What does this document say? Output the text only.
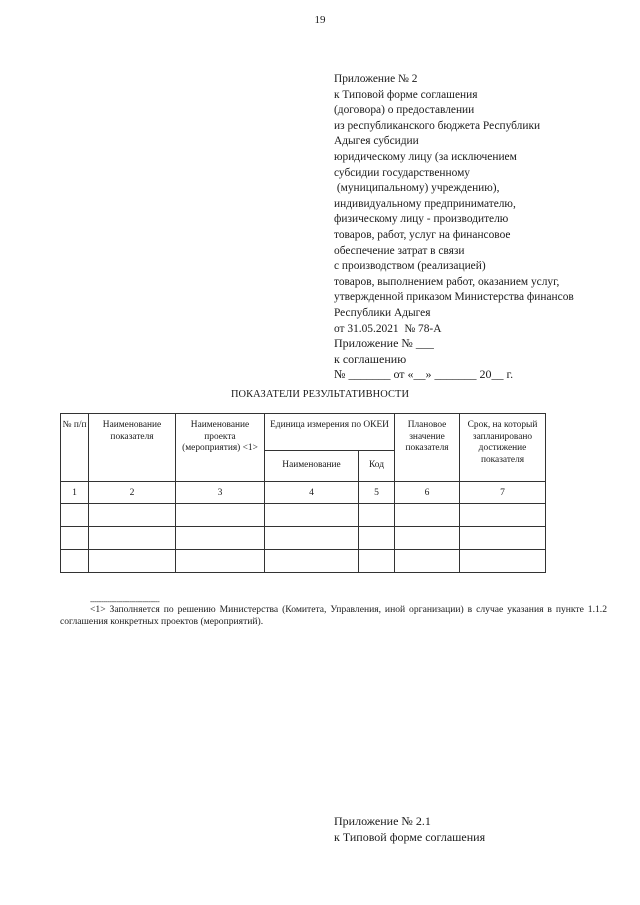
19
Приложение № 2
к Типовой форме соглашения
(договора) о предоставлении
из республиканского бюджета Республики
Адыгея субсидии
юридическому лицу (за исключением
субсидии государственному
(муниципальному) учреждению),
индивидуальному предпринимателю,
физическому лицу - производителю
товаров, работ, услуг на финансовое
обеспечение затрат в связи
с производством (реализацией)
товаров, выполнением работ, оказанием услуг,
утвержденной приказом Министерства финансов
Республики Адыгея
от 31.05.2021  № 78-А
Приложение № ___
к соглашению
№ _______ от «__» _______ 20__ г.
ПОКАЗАТЕЛИ РЕЗУЛЬТАТИВНОСТИ
№ п/п	Наименование показателя	Наименование проекта (мероприятия) <1>	Единица измерения по ОКЕИ		Плановое значение показателя	Срок, на который запланировано достижение показателя
			Наименование	Код		
1	2	3	4	5	6	7

--------------------------------
<1> Заполняется по решению Министерства (Комитета, Управления, иной организации) в случае указания в пункте 1.1.2 соглашения конкретных проектов (мероприятий).
Приложение № 2.1
к Типовой форме соглашения
